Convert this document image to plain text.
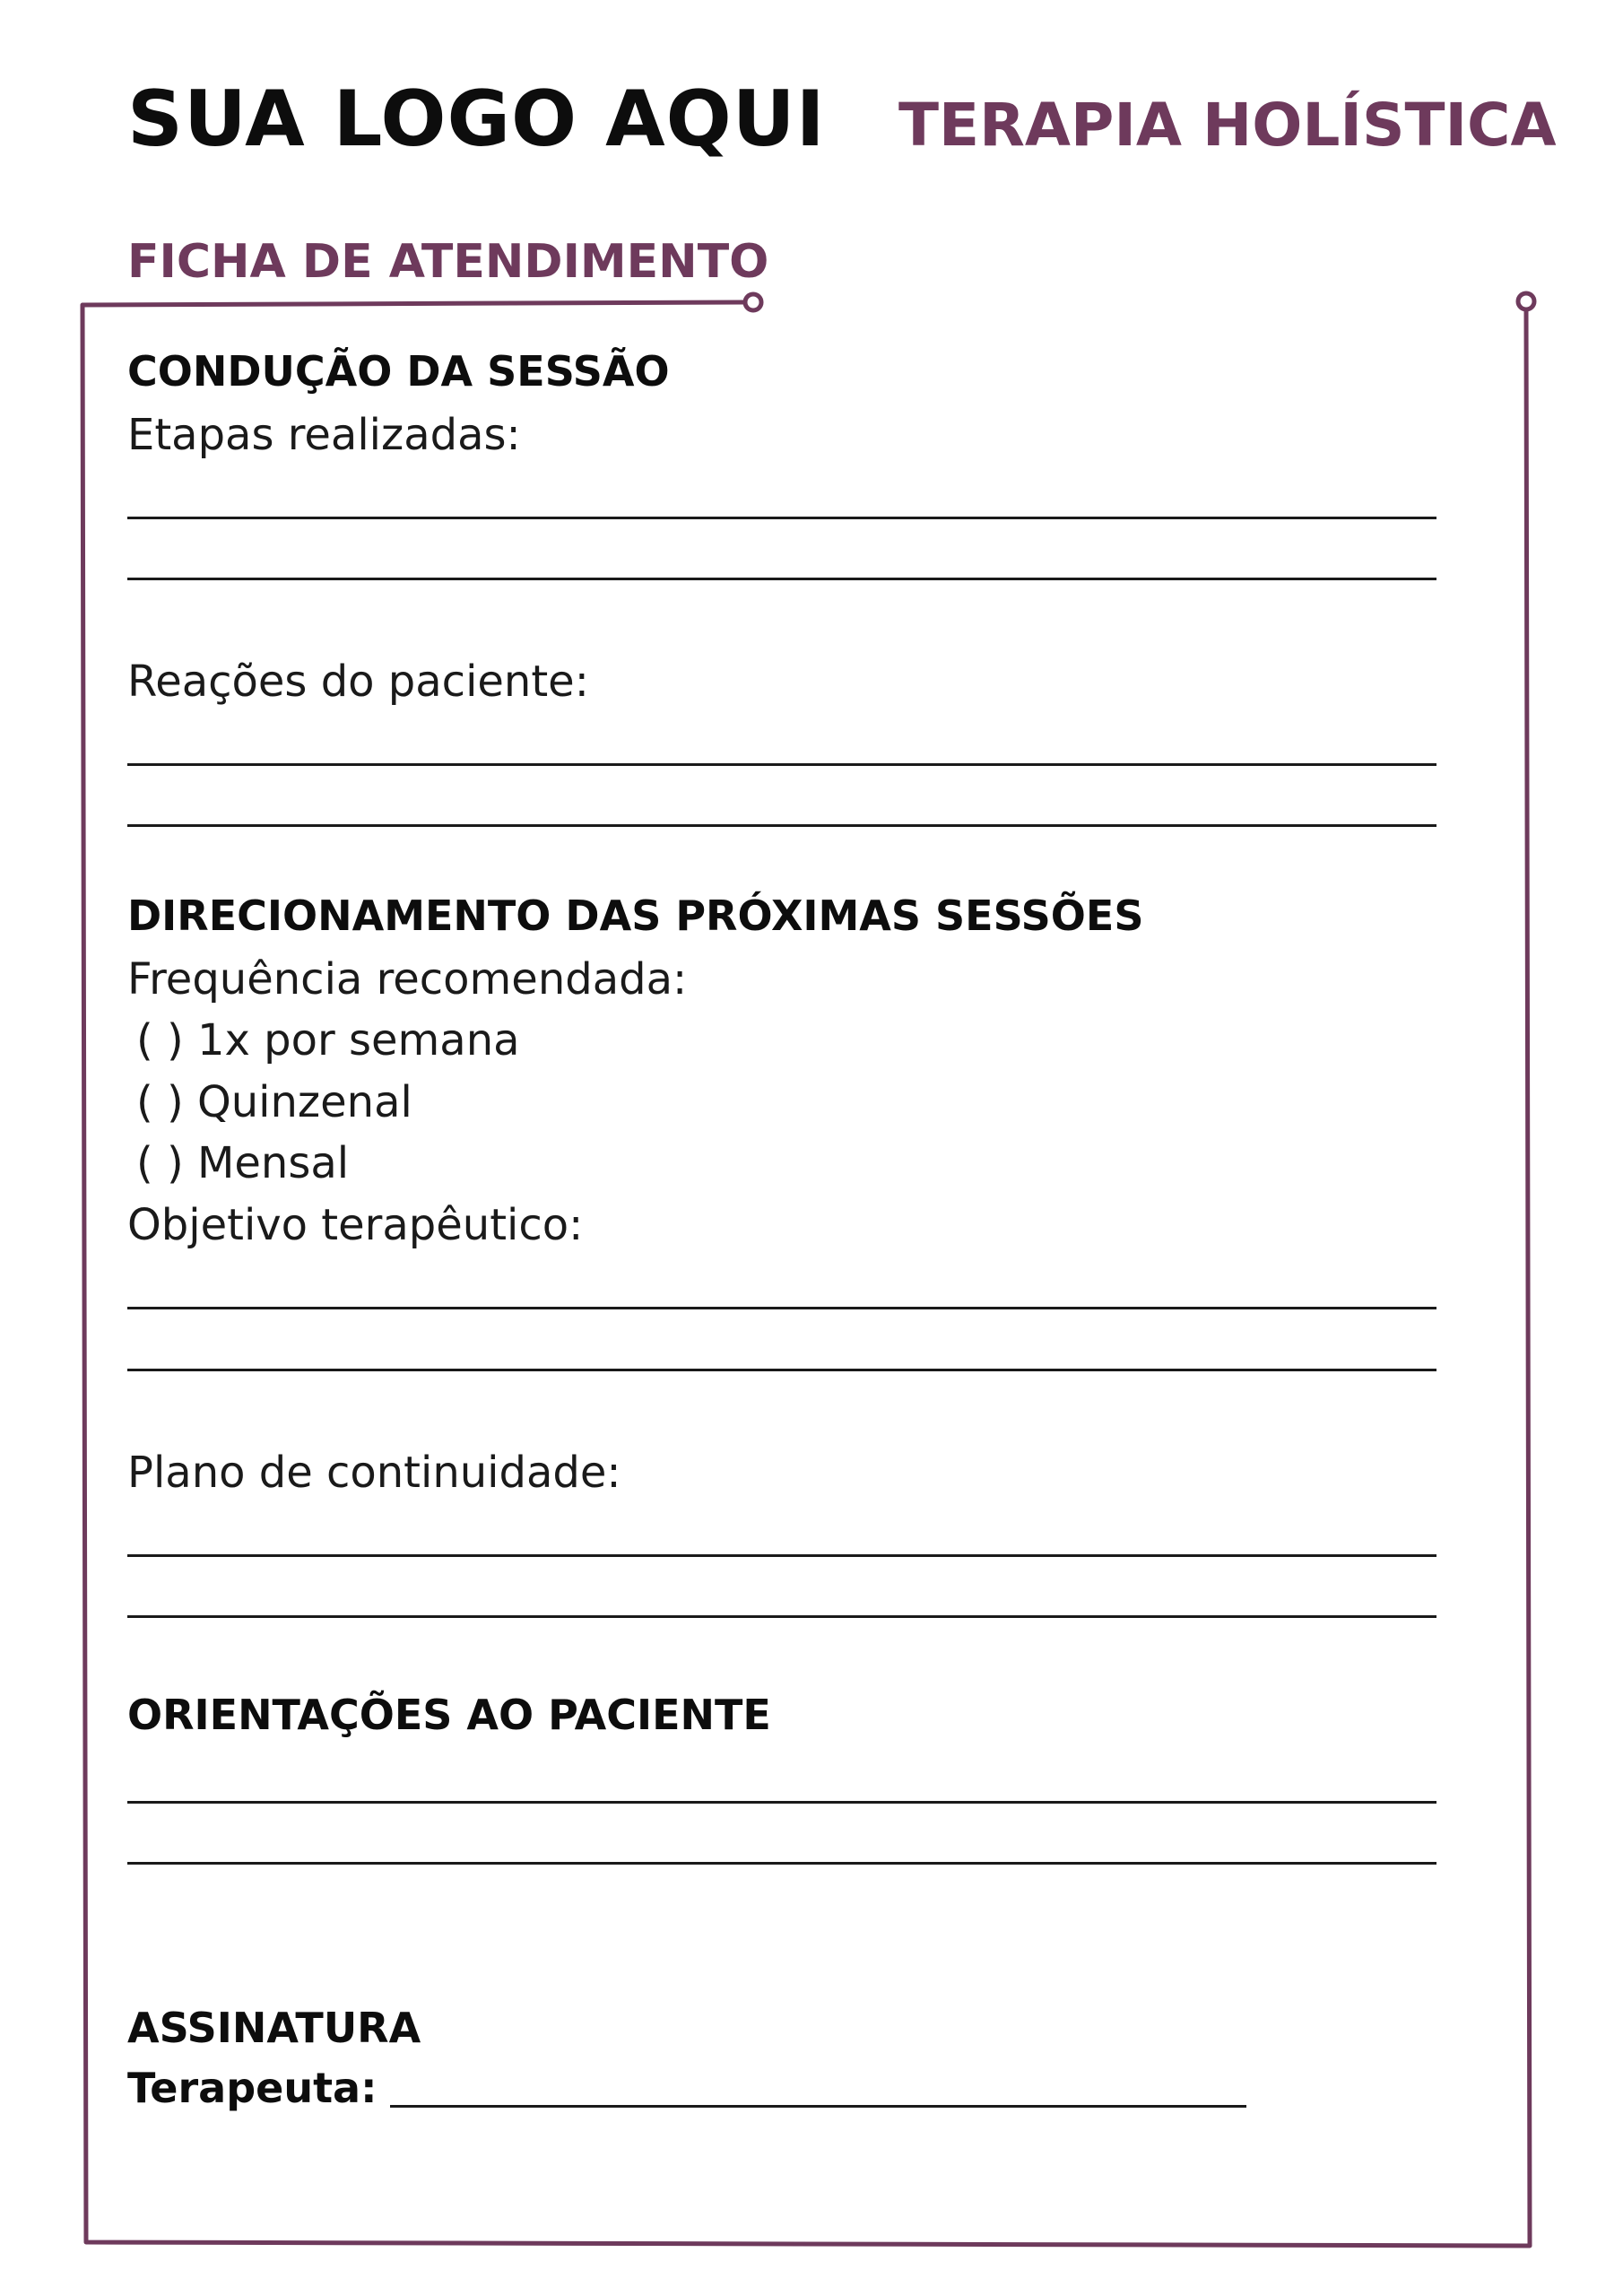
SUA LOGO AQUI TERAPIA HOLÍSTICA
FICHA DE ATENDIMENTO
CONDUÇÃO DA SESSÃO
Etapas realizadas:
Reações do paciente:
DIRECIONAMENTO DAS PRÓXIMAS SESSÕES
Frequência recomendada:
( ) 1x por semana
( ) Quinzenal
( ) Mensal
Objetivo terapêutico:
Plano de continuidade:
ORIENTAÇÕES AO PACIENTE
ASSINATURA
Terapeuta:
